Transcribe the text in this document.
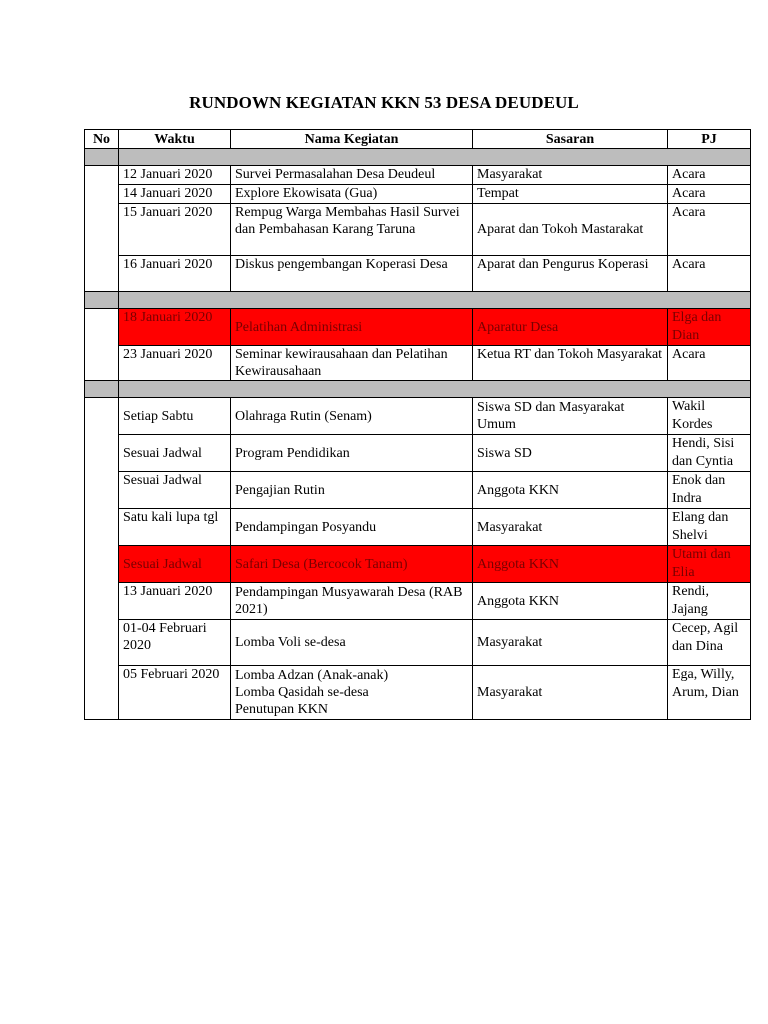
RUNDOWN KEGIATAN KKN 53 DESA DEUDEUL
No	Waktu	Nama Kegiatan	Sasaran	PJ

	12 Januari 2020	Survei Permasalahan Desa Deudeul	Masyarakat	Acara
	14 Januari 2020	Explore Ekowisata (Gua)	Tempat	Acara
	15 Januari 2020	Rempug Warga Membahas Hasil Survei dan Pembahasan Karang Taruna	Aparat dan Tokoh Mastarakat	Acara
	16 Januari 2020	Diskus pengembangan Koperasi Desa	Aparat dan Pengurus Koperasi	Acara

	18 Januari 2020	Pelatihan Administrasi	Aparatur Desa	Elga dan Dian
	23 Januari 2020	Seminar kewirausahaan dan Pelatihan Kewirausahaan	Ketua RT dan Tokoh Masyarakat	Acara

	Setiap Sabtu	Olahraga Rutin (Senam)	Siswa SD dan Masyarakat Umum	Wakil Kordes
	Sesuai Jadwal	Program Pendidikan	Siswa SD	Hendi, Sisi dan Cyntia
	Sesuai Jadwal	Pengajian Rutin	Anggota KKN	Enok dan Indra
	Satu kali lupa tgl	Pendampingan Posyandu	Masyarakat	Elang dan Shelvi
	Sesuai Jadwal	Safari Desa (Bercocok Tanam)	Anggota KKN	Utami dan Elia
	13 Januari 2020	Pendampingan Musyawarah Desa (RAB 2021)	Anggota KKN	Rendi, Jajang
	01-04 Februari 2020	Lomba Voli se-desa	Masyarakat	Cecep, Agil dan Dina
	05 Februari 2020	Lomba Adzan (Anak-anak)
Lomba Qasidah se-desa
Penutupan KKN	Masyarakat	Ega, Willy, Arum, Dian
